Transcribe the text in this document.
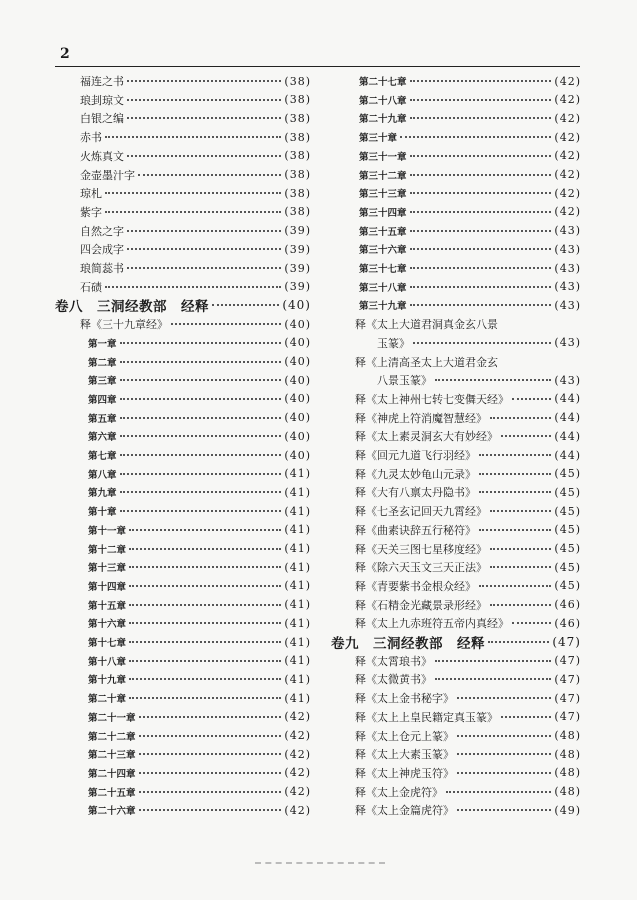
2
福连之书	(38)
琅刲琼文	(38)
白银之编	(38)
赤书	(38)
火炼真文	(38)
金壶墨汁字	(38)
琼札	(38)
紫字	(38)
自然之字	(39)
四会成字	(39)
琅简蕊书	(39)
石碛	(39)
卷八　三洞经教部　经释	(40)
释《三十九章经》	(40)
第一章	(40)
第二章	(40)
第三章	(40)
第四章	(40)
第五章	(40)
第六章	(40)
第七章	(40)
第八章	(41)
第九章	(41)
第十章	(41)
第十一章	(41)
第十二章	(41)
第十三章	(41)
第十四章	(41)
第十五章	(41)
第十六章	(41)
第十七章	(41)
第十八章	(41)
第十九章	(41)
第二十章	(41)
第二十一章	(42)
第二十二章	(42)
第二十三章	(42)
第二十四章	(42)
第二十五章	(42)
第二十六章	(42)
第二十七章	(42)
第二十八章	(42)
第二十九章	(42)
第三十章	(42)
第三十一章	(42)
第三十二章	(42)
第三十三章	(42)
第三十四章	(42)
第三十五章	(43)
第三十六章	(43)
第三十七章	(43)
第三十八章	(43)
第三十九章	(43)
释《太上大道君洞真金玄八景
玉篆》	(43)
释《上清高圣太上大道君金玄
八景玉篆》	(43)
释《太上神州七转七变儛天经》	(44)
释《神虎上符消魔智慧经》	(44)
释《太上素灵洞玄大有妙经》	(44)
释《回元九道飞行羽经》	(44)
释《九灵太妙龟山元录》	(45)
释《大有八禀太丹隐书》	(45)
释《七圣玄记回天九霄经》	(45)
释《曲素诀辞五行秘符》	(45)
释《天关三图七星移度经》	(45)
释《除六天玉文三天正法》	(45)
释《青要紫书金根众经》	(45)
释《石精金光藏景录形经》	(46)
释《太上九赤班符五帝内真经》	(46)
卷九　三洞经教部　经释	(47)
释《太霄琅书》	(47)
释《太微黄书》	(47)
释《太上金书秘字》	(47)
释《太上上皇民籍定真玉篆》	(47)
释《太上仓元上篆》	(48)
释《太上大素玉篆》	(48)
释《太上神虎玉符》	(48)
释《太上金虎符》	(48)
释《太上金篇虎符》	(49)
